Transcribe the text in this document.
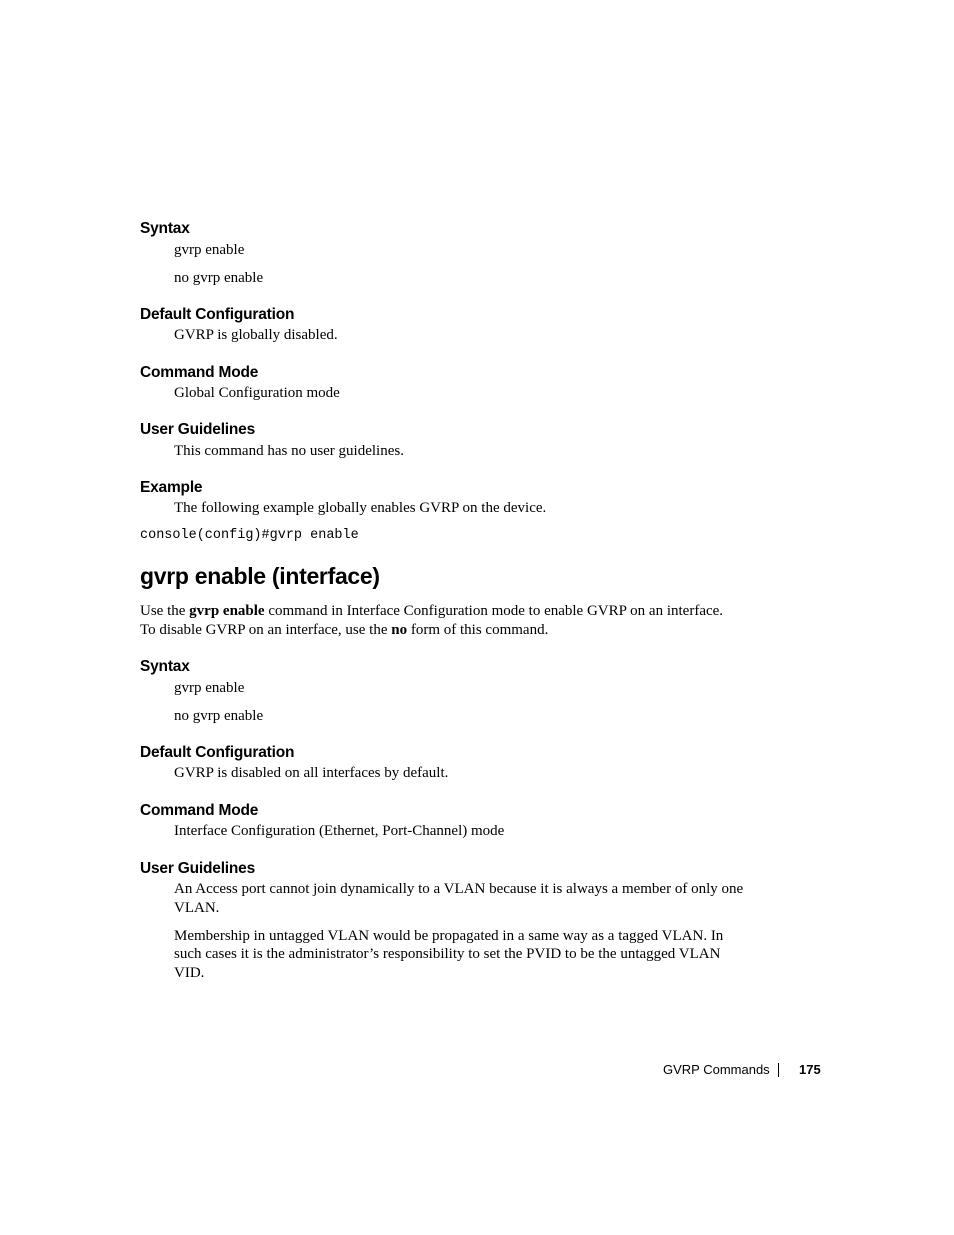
Syntax
gvrp enable
no gvrp enable
Default Configuration
GVRP is globally disabled.
Command Mode
Global Configuration mode
User Guidelines
This command has no user guidelines.
Example
The following example globally enables GVRP on the device.
console(config)#gvrp enable
gvrp enable (interface)
Use the gvrp enable command in Interface Configuration mode to enable GVRP on an interface.
To disable GVRP on an interface, use the no form of this command.
Syntax
gvrp enable
no gvrp enable
Default Configuration
GVRP is disabled on all interfaces by default.
Command Mode
Interface Configuration (Ethernet, Port-Channel) mode
User Guidelines
An Access port cannot join dynamically to a VLAN because it is always a member of only one
VLAN.
Membership in untagged VLAN would be propagated in a same way as a tagged VLAN. In
such cases it is the administrator’s responsibility to set the PVID to be the untagged VLAN
VID.
GVRP Commands 175
